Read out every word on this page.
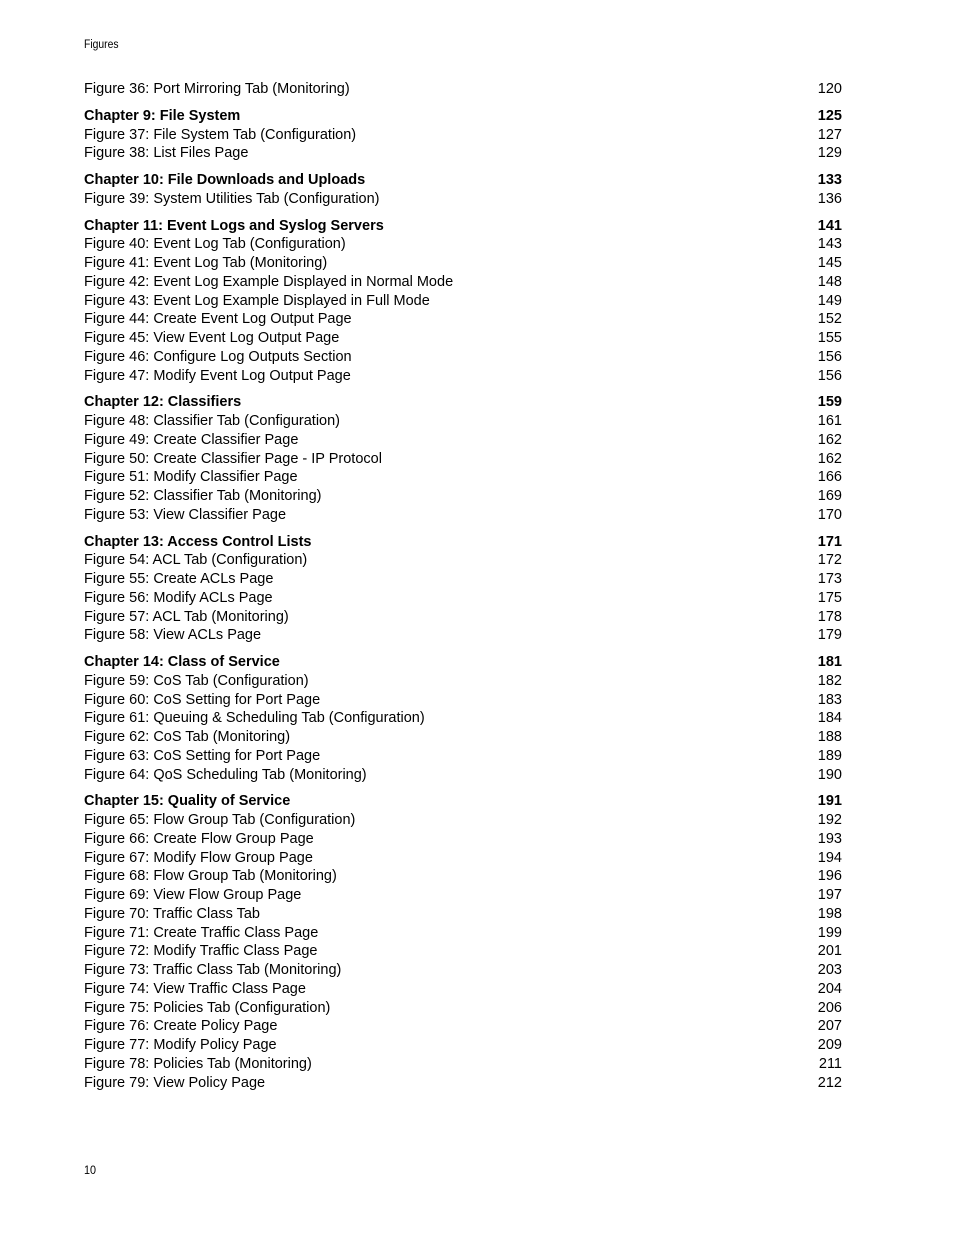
Figures
Figure 36: Port Mirroring Tab (Monitoring)	120
Chapter 9: File System	125
Figure 37: File System Tab (Configuration)	127
Figure 38: List Files Page	129
Chapter 10: File Downloads and Uploads	133
Figure 39: System Utilities Tab (Configuration)	136
Chapter 11: Event Logs and Syslog Servers	141
Figure 40: Event Log Tab (Configuration)	143
Figure 41: Event Log Tab (Monitoring)	145
Figure 42: Event Log Example Displayed in Normal Mode	148
Figure 43: Event Log Example Displayed in Full Mode	149
Figure 44: Create Event Log Output Page	152
Figure 45: View Event Log Output Page	155
Figure 46: Configure Log Outputs Section	156
Figure 47: Modify Event Log Output Page	156
Chapter 12: Classifiers	159
Figure 48: Classifier Tab (Configuration)	161
Figure 49: Create Classifier Page	162
Figure 50: Create Classifier Page - IP Protocol	162
Figure 51: Modify Classifier Page	166
Figure 52: Classifier Tab (Monitoring)	169
Figure 53: View Classifier Page	170
Chapter 13: Access Control Lists	171
Figure 54: ACL Tab (Configuration)	172
Figure 55: Create ACLs Page	173
Figure 56: Modify ACLs Page	175
Figure 57: ACL Tab (Monitoring)	178
Figure 58: View ACLs Page	179
Chapter 14: Class of Service	181
Figure 59: CoS Tab (Configuration)	182
Figure 60: CoS Setting for Port Page	183
Figure 61: Queuing & Scheduling Tab (Configuration)	184
Figure 62: CoS Tab (Monitoring)	188
Figure 63: CoS Setting for Port Page	189
Figure 64: QoS Scheduling Tab (Monitoring)	190
Chapter 15: Quality of Service	191
Figure 65: Flow Group Tab (Configuration)	192
Figure 66: Create Flow Group Page	193
Figure 67: Modify Flow Group Page	194
Figure 68: Flow Group Tab (Monitoring)	196
Figure 69: View Flow Group Page	197
Figure 70: Traffic Class Tab	198
Figure 71: Create Traffic Class Page	199
Figure 72: Modify Traffic Class Page	201
Figure 73: Traffic Class Tab (Monitoring)	203
Figure 74: View Traffic Class Page	204
Figure 75: Policies Tab (Configuration)	206
Figure 76: Create Policy Page	207
Figure 77: Modify Policy Page	209
Figure 78: Policies Tab (Monitoring)	211
Figure 79: View Policy Page	212
10
